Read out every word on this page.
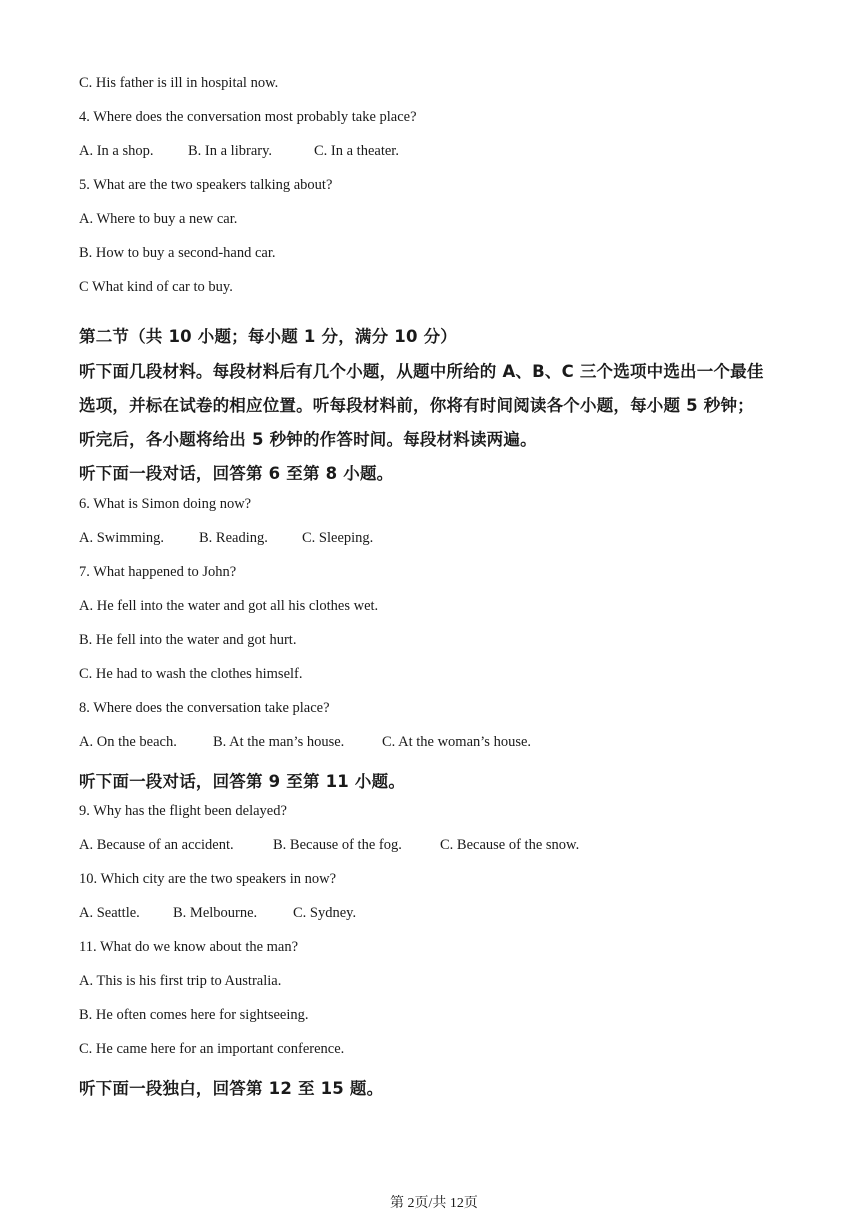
C. His father is ill in hospital now.
4. Where does the conversation most probably take place?
A. In a shop. B. In a library.	C. In a theater.
5. What are the two speakers talking about?
A. Where to buy a new car.
B. How to buy a second-hand car.
C What kind of car to buy.
第二节（共 10 小题；每小题 1 分，满分 10 分）
听下面几段材料。每段材料后有几个小题，从题中所给的 A、B、C 三个选项中选出一个最佳
选项，并标在试卷的相应位置。听每段材料前，你将有时间阅读各个小题，每小题 5 秒钟；
听完后，各小题将给出 5 秒钟的作答时间。每段材料读两遍。
听下面一段对话，回答第 6 至第 8 小题。
6. What is Simon doing now?
A. Swimming. B. Reading. C. Sleeping.
7. What happened to John?
A. He fell into the water and got all his clothes wet.
B. He fell into the water and got hurt.
C. He had to wash the clothes himself.
8. Where does the conversation take place?
A. On the beach. B. At the man’s house.	C. At the woman’s house.
听下面一段对话，回答第 9 至第 11 小题。
9. Why has the flight been delayed?
A. Because of an accident.	B. Because of the fog.	C. Because of the snow.
10. Which city are the two speakers in now?
A. Seattle. B. Melbourne. C. Sydney.
11. What do we know about the man?
A. This is his first trip to Australia.
B. He often comes here for sightseeing.
C. He came here for an important conference.
听下面一段独白，回答第 12 至 15 题。
第 2页/共 12页
